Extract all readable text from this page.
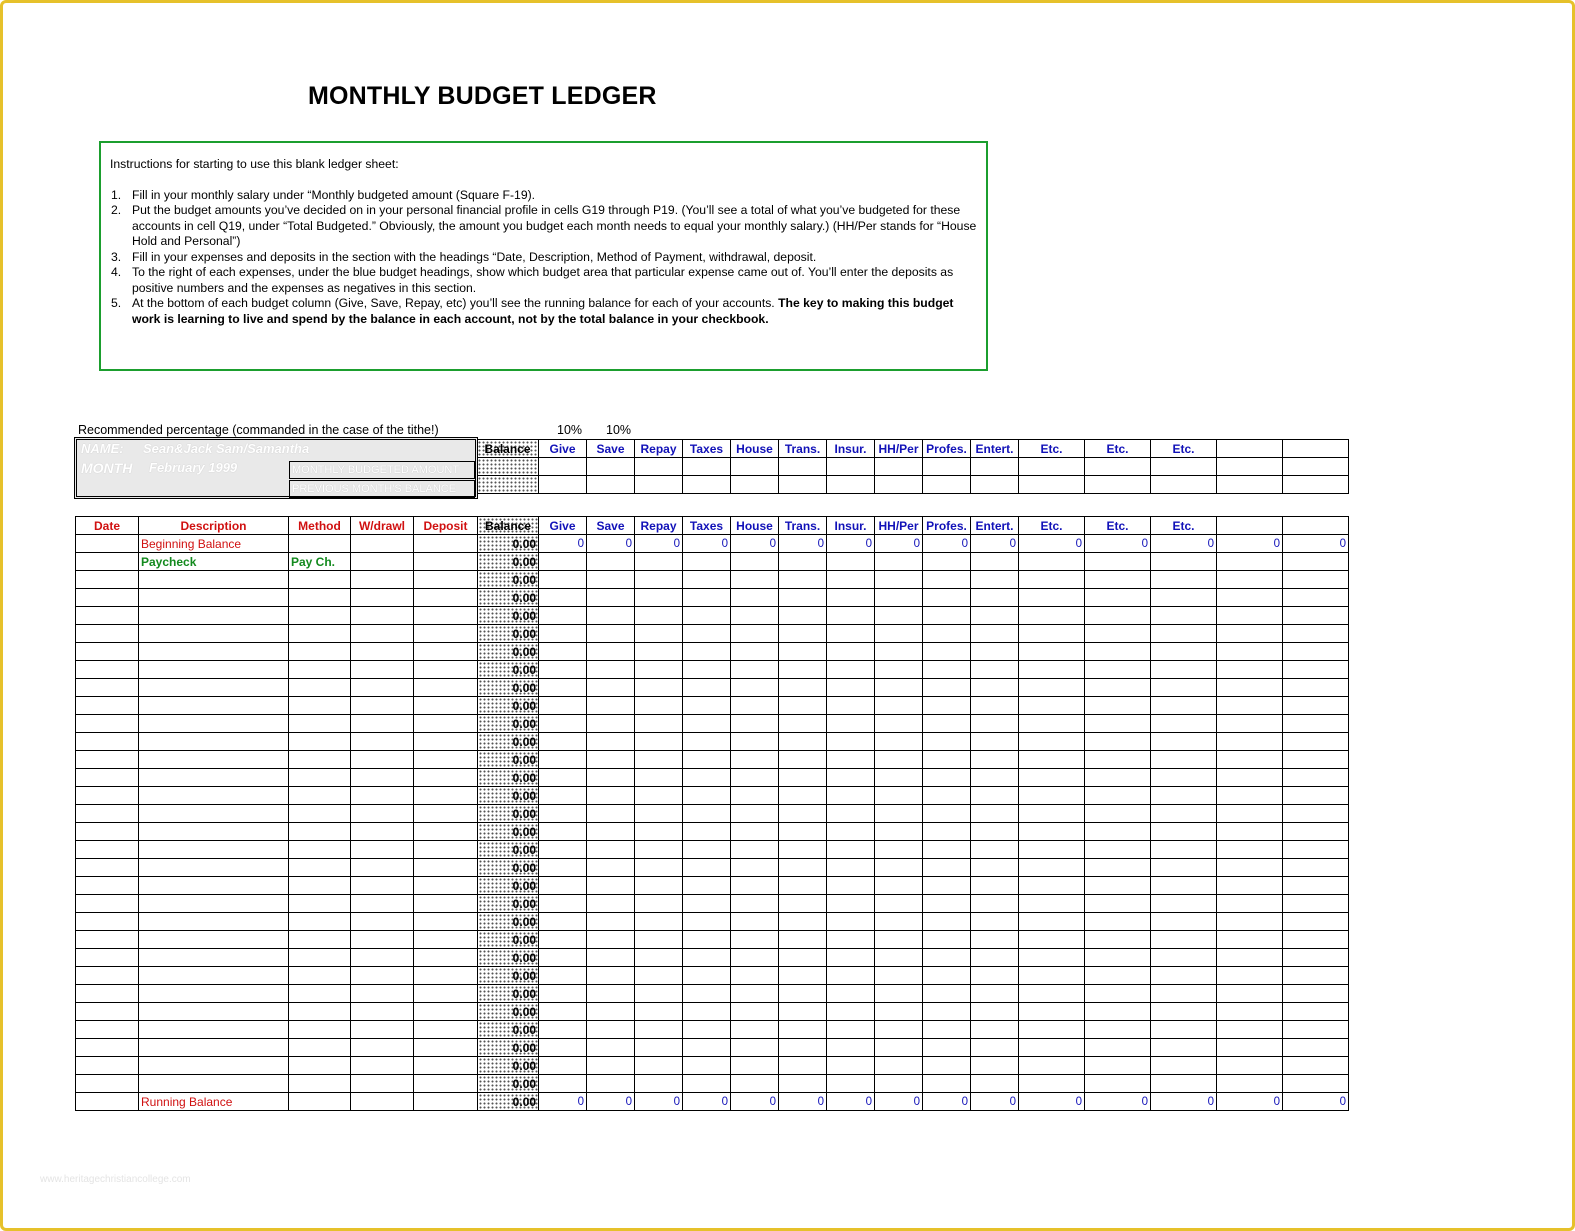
MONTHLY BUDGET LEDGER
Instructions for starting to use this blank ledger sheet:
1. Fill in your monthly salary under “Monthly budgeted amount (Square F-19).
2. Put the budget amounts you’ve decided on in your personal financial profile in cells G19 through P19. (You’ll see a total of what you’ve budgeted for these accounts in cell Q19, under “Total Budgeted.” Obviously, the amount you budget each month needs to equal your monthly salary.) (HH/Per stands for “House Hold and Personal”)
3. Fill in your expenses and deposits in the section with the headings “Date, Description, Method of Payment, withdrawal, deposit.
4. To the right of each expenses, under the blue budget headings, show which budget area that particular expense came out of. You’ll enter the deposits as positive numbers and the expenses as negatives in this section.
5. At the bottom of each budget column (Give, Save, Repay, etc) you’ll see the running balance for each of your accounts. The key to making this budget work is learning to live and spend by the balance in each account, not by the total balance in your checkbook.
Recommended percentage (commanded in the case of the tithe!)	10% 10%
Balance	Give	Save	Repay	Taxes	House	Trans.	Insur.	HH/Per	Profes.	Entert.	Etc.	Etc.	Etc.		

NAME: Sean&Jack Sam/Samantha
MONTH February 1999	MONTHLY BUDGETED AMOUNT
PREVIOUS MONTH'S BALANCE
Date	Description	Method	W/drawl	Deposit	Balance	Give	Save	Repay	Taxes	House	Trans.	Insur.	HH/Per	Profes.	Entert.	Etc.	Etc.	Etc.		
	Beginning Balance				0.00	0	0	0	0	0	0	0	0	0	0	0	0	0	0	0
	Paycheck	Pay Ch.			0.00															
					0.00															
					0.00															
					0.00															
					0.00															
					0.00															
					0.00															
					0.00															
					0.00															
					0.00															
					0.00															
					0.00															
					0.00															
					0.00															
					0.00															
					0.00															
					0.00															
					0.00															
					0.00															
					0.00															
					0.00															
					0.00															
					0.00															
					0.00															
					0.00															
					0.00															
					0.00															
					0.00															
					0.00															
					0.00															
	Running Balance				0.00	0	0	0	0	0	0	0	0	0	0	0	0	0	0	0
www.heritagechristiancollege.com
